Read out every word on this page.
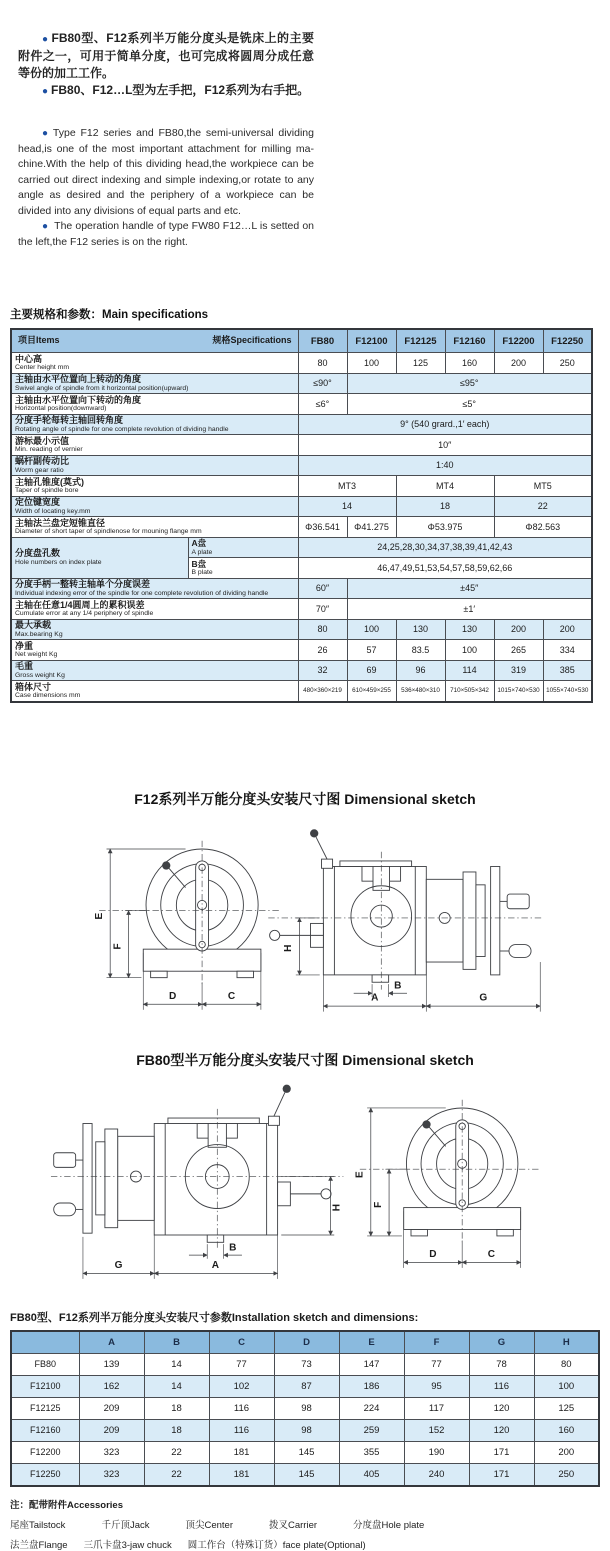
● FB80型、F12系列半万能分度头是铣床上的主要附件之一，可用于简单分度，也可完成将圆周分成任意等份的加工工作。

● FB80、F12…L型为左手把，F12系列为右手把。

● Type F12 series and FB80,the semi-universal dividing head,is one of the most important attachment for milling ma-chine.With the help of this dividing head,the workpiece can be carried out direct indexing and simple indexing,or rotate to any angle as desired and the periphery of a workpiece can be divided into any divisions of equal parts and etc.

● The operation handle of type FW80 F12…L is setted on the left,the F12 series is on the right.

主要规格和参数：Main specifications
项目Items 规格Specifications		FB80	F12100	F12125	F12160	F12200	F12250

中心高
Center height mm		80	100	125	160	200	250

主轴由水平位置向上转动的角度
Swivel angle of spindle from it horizontal position(upward)		≤90°	≤95°				

主轴由水平位置向下转动的角度
Horizontal position(downward)		≤6°	≤5°				

分度手轮每转主轴回转角度
Rotating angle of spindle for one complete revolution of dividing handle		9° (540 grard.,1′ each)					

游标最小示值
Min. reading of vernier		10″					

蜗杆副传动比
Worm gear ratio		1:40					

主轴孔锥度(莫式)
Taper of spindle bore		MT3		MT4		MT5	

定位键宽度
Width of locating key.mm		14		18		22	

主轴法兰盘定短锥直径
Diameter of short taper of spindlenose for mouning flange mm		Φ36.541	Φ41.275	Φ53.975		Φ82.563	

分度盘孔数
Hole numbers on index plate

A盘
A plate	24,25,28,30,34,37,38,39,41,42,43

	B盘
B plate	46,47,49,51,53,54,57,58,59,62,66					

分度手柄一整转主轴单个分度误差
Individual indexing error of the spindle for one complete revolution of dividing handle		60″	±45″				

主轴在任意1/4圆周上的累积误差
Cumulate error at any 1/4 periphery of spindle		70″	±1′				

最大承载
Max.bearing Kg		80	100	130	130	200	200

净重
Net weight Kg		26	57	83.5	100	265	334

毛重
Gross weight Kg		32	69	96	114	319	385

箱体尺寸
Case dimensions mm		480×360×219	610×459×255	536×480×310	710×505×342	1015×740×530	1055×740×530
F12系列半万能分度头安装尺寸图 Dimensional sketch
E
F
D	C
H
B
A	G
FB80型半万能分度头安装尺寸图 Dimensional sketch
H
B
G	A
E
F
D	C
FB80型、F12系列半万能分度头安装尺寸参数Installation sketch and dimensions:
	A	B	C	D	E	F	G	H
FB80	139	14	77	73	147	77	78	80
F12100	162	14	102	87	186	95	116	100
F12125	209	18	116	98	224	117	120	125
F12160	209	18	116	98	259	152	120	160
F12200	323	22	181	145	355	190	171	200
F12250	323	22	181	145	405	240	171	250
注：配带附件Accessories
尾座Tailstock	千斤顶Jack	顶尖Center	拨叉Carrier	分度盘Hole plate
法兰盘Flange 三爪卡盘3-jaw chuck 圆工作台（特殊订货）face plate(Optional)
